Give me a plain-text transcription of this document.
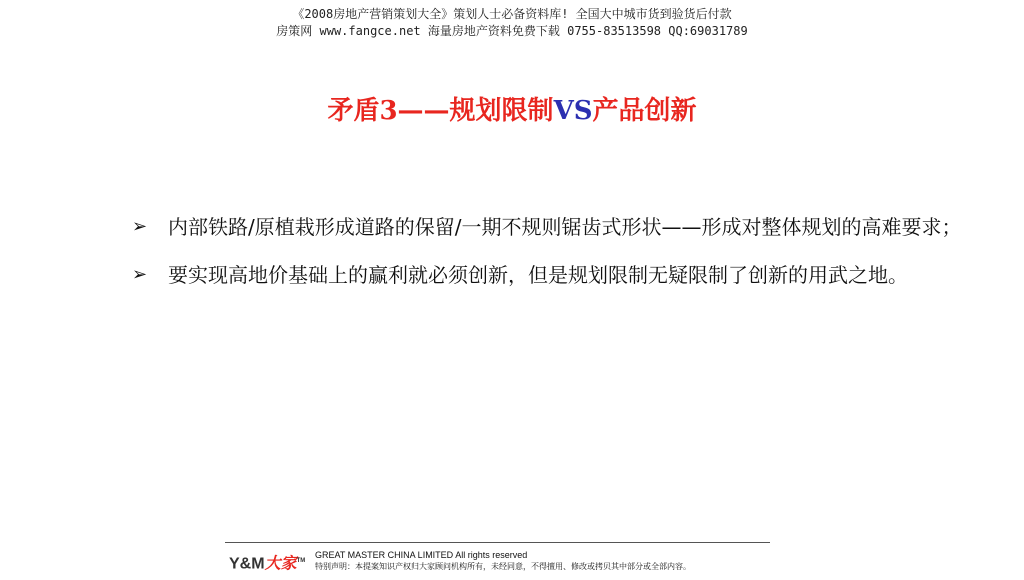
《2008房地产营销策划大全》策划人士必备资料库! 全国大中城市货到验货后付款
房策网 www.fangce.net 海量房地产资料免费下载 0755-83513598 QQ:69031789
矛盾3——规划限制VS产品创新
➢ 内部铁路/原植栽形成道路的保留/一期不规则锯齿式形状——形成对整体规划的高难要求；
➢ 要实现高地价基础上的赢利就必须创新，但是规划限制无疑限制了创新的用武之地。
Y&M大家™
GREAT MASTER CHINA LIMITED All rights reserved
特别声明：本提案知识产权归大家顾问机构所有，未经同意，不得擅用、修改或拷贝其中部分或全部内容。
